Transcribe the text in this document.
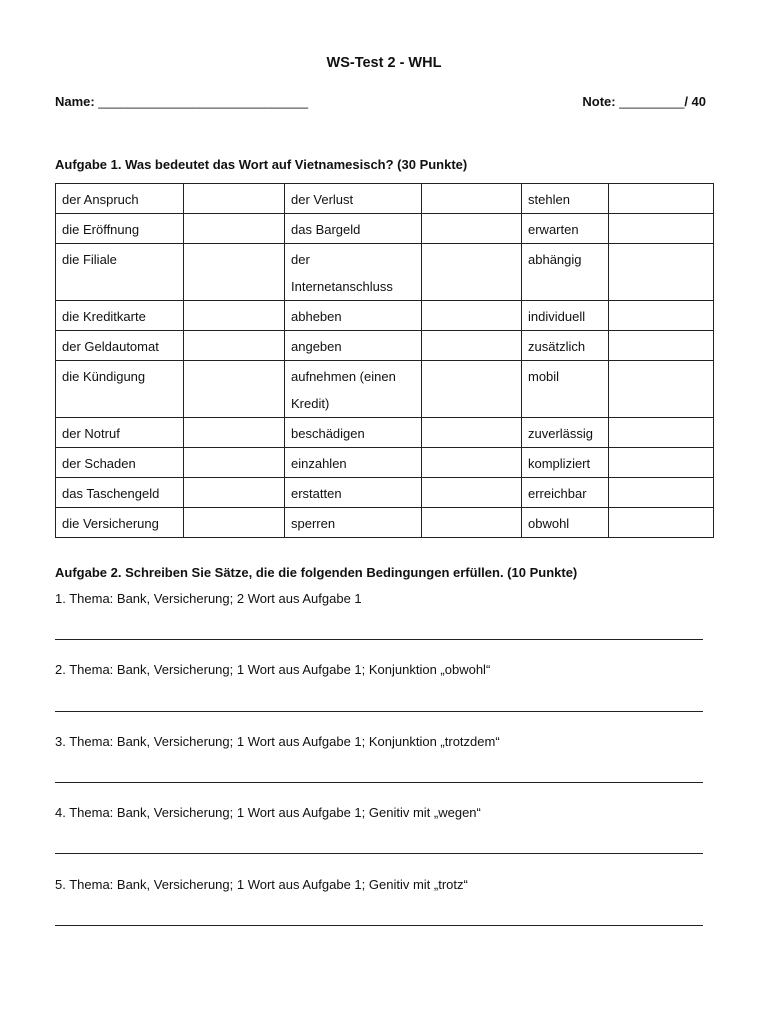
WS-Test 2 - WHL
Name: _____________________________	Note: _________/ 40
Aufgabe 1. Was bedeutet das Wort auf Vietnamesisch? (30 Punkte)
der Anspruch		der Verlust		stehlen	
die Eröffnung		das Bargeld		erwarten	
die Filiale		der Internetanschluss		abhängig	
die Kreditkarte		abheben		individuell	
der Geldautomat		angeben		zusätzlich	
die Kündigung		aufnehmen (einen Kredit)		mobil	
der Notruf		beschädigen		zuverlässig	
der Schaden		einzahlen		kompliziert	
das Taschengeld		erstatten		erreichbar	
die Versicherung		sperren		obwohl	
Aufgabe 2. Schreiben Sie Sätze, die die folgenden Bedingungen erfüllen. (10 Punkte)
1. Thema: Bank, Versicherung; 2 Wort aus Aufgabe 1
2. Thema: Bank, Versicherung; 1 Wort aus Aufgabe 1; Konjunktion „obwohl“
3. Thema: Bank, Versicherung; 1 Wort aus Aufgabe 1; Konjunktion „trotzdem“
4. Thema: Bank, Versicherung; 1 Wort aus Aufgabe 1; Genitiv mit „wegen“
5. Thema: Bank, Versicherung; 1 Wort aus Aufgabe 1; Genitiv mit „trotz“
